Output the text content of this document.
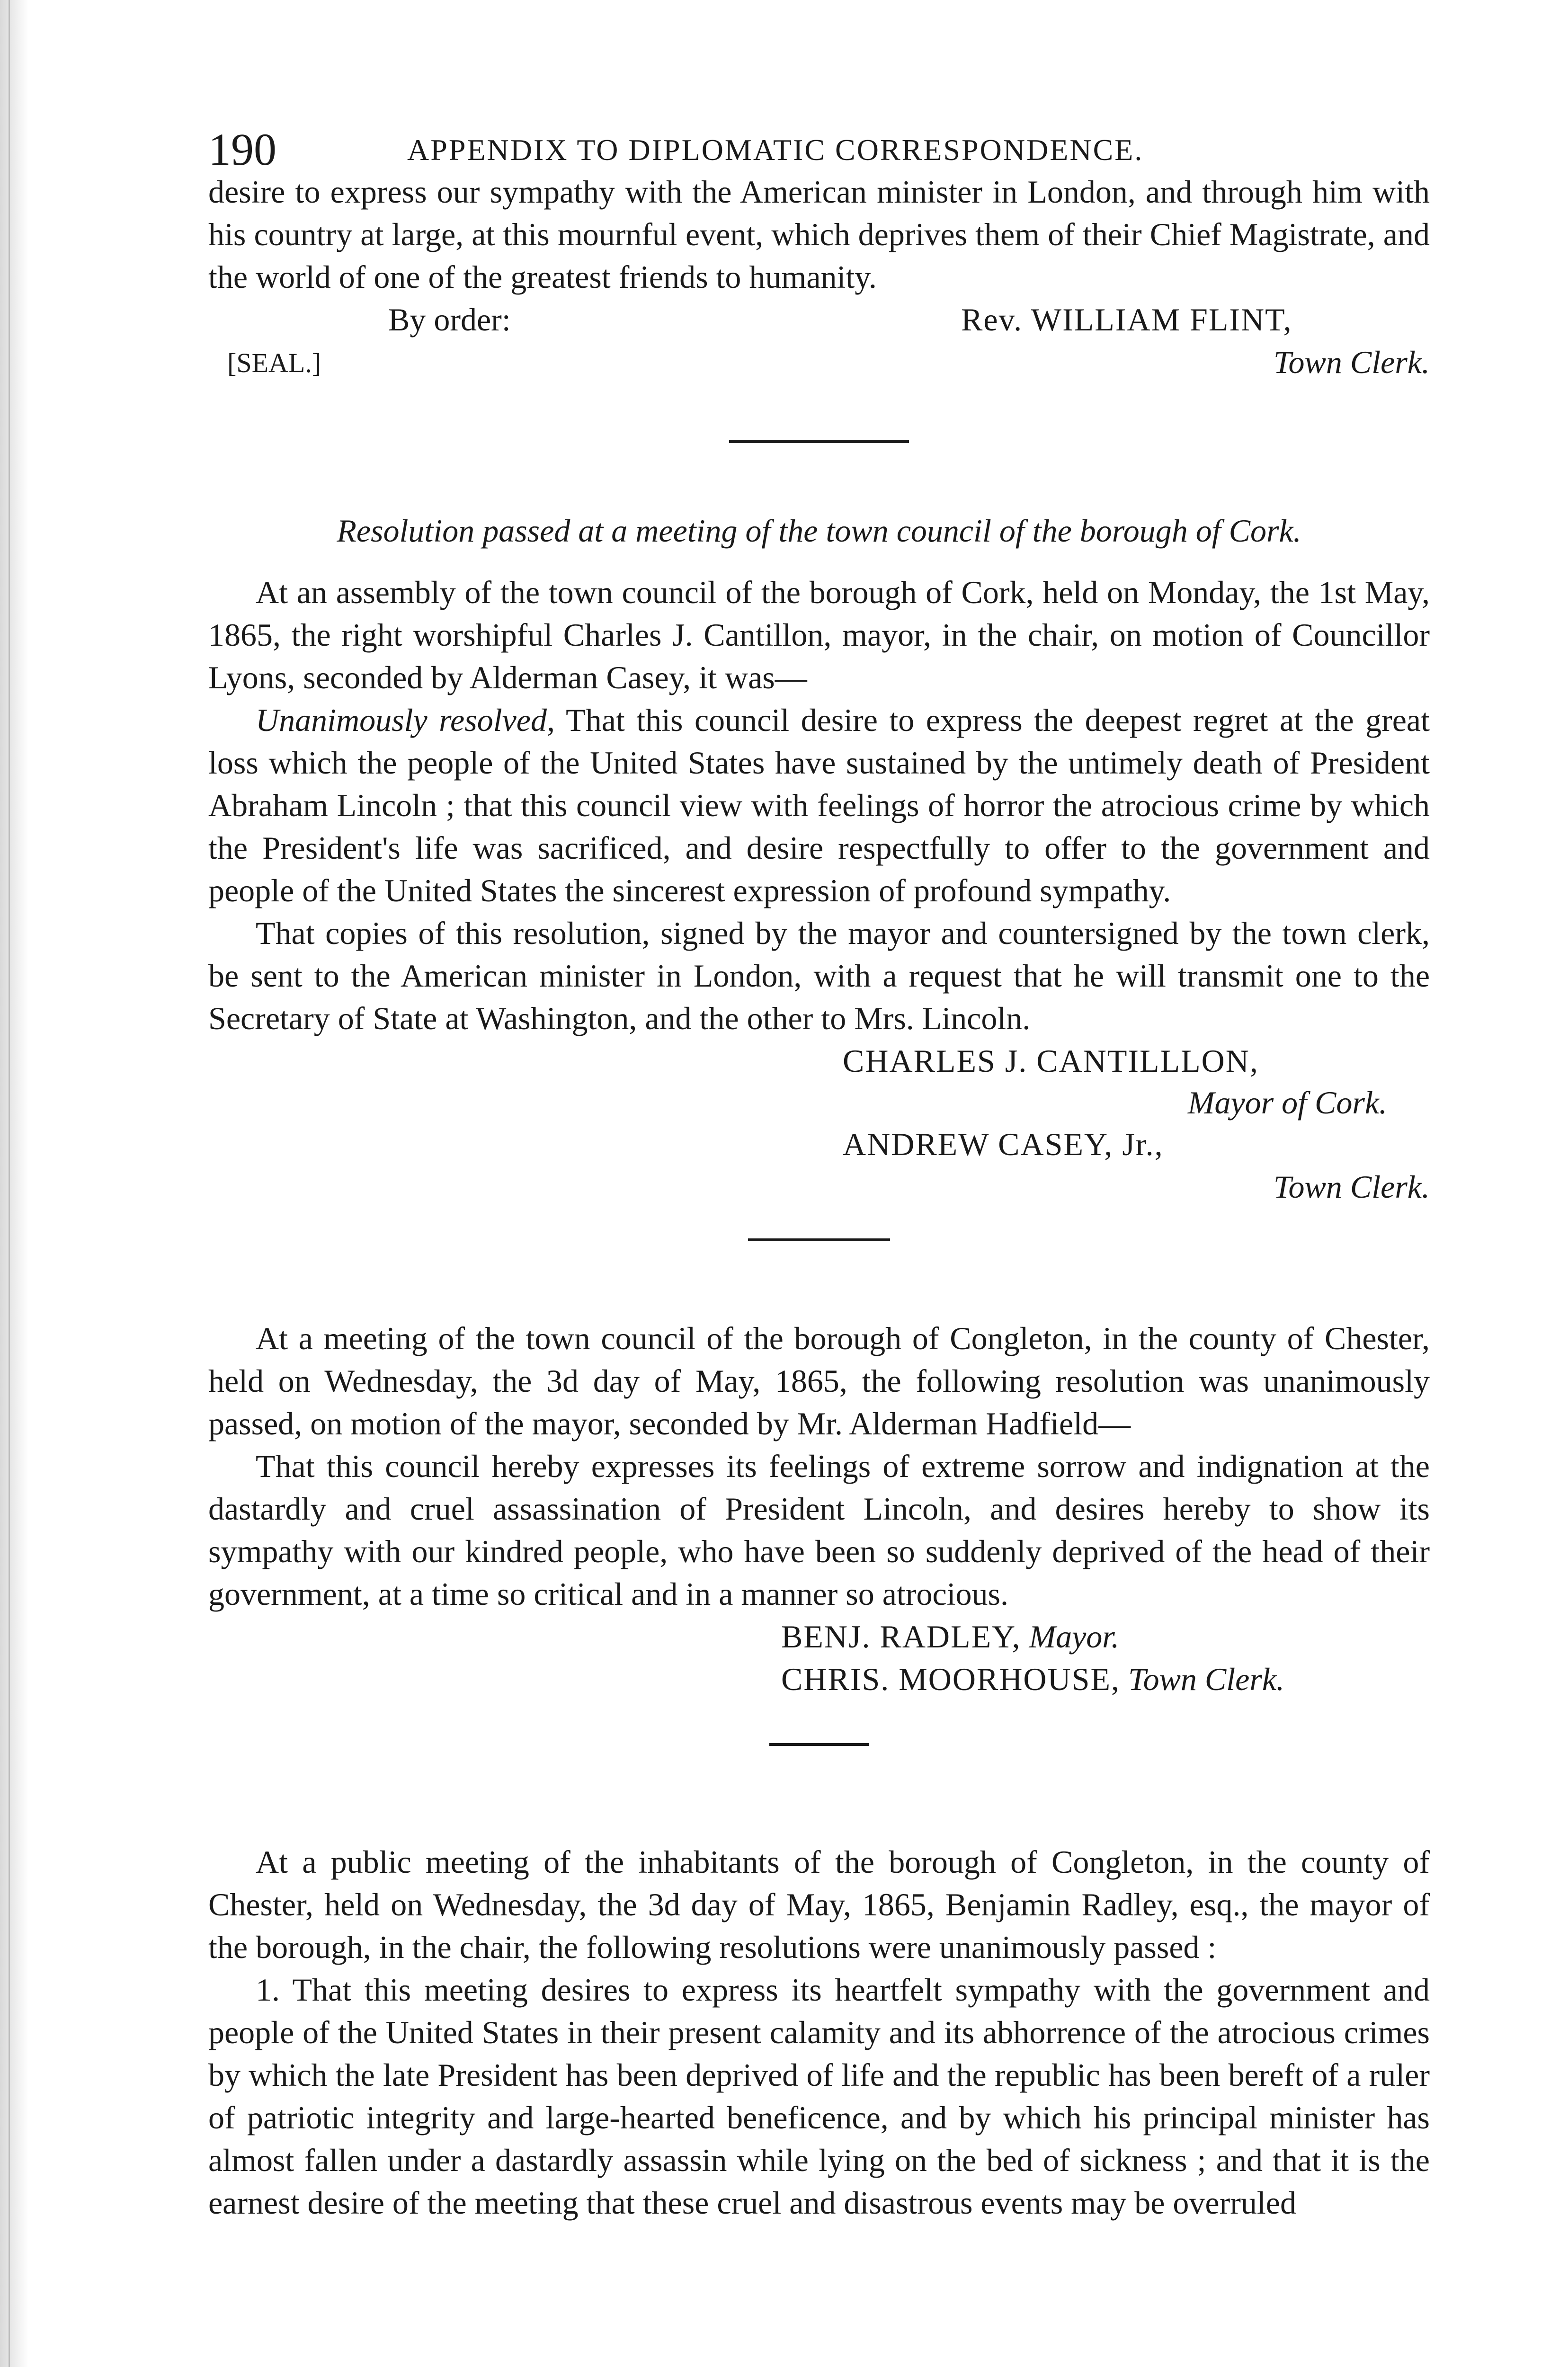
190	APPENDIX TO DIPLOMATIC CORRESPONDENCE.

desire to express our sympathy with the American minister in London, and through him with his country at large, at this mournful event, which deprives them of their Chief Magistrate, and the world of one of the greatest friends to humanity.

By order:	Rev. WILLIAM FLINT,
[SEAL.]	Town Clerk.
Resolution passed at a meeting of the town council of the borough of Cork.

At an assembly of the town council of the borough of Cork, held on Monday, the 1st May, 1865, the right worshipful Charles J. Cantillon, mayor, in the chair, on motion of Councillor Lyons, seconded by Alderman Casey, it was—

Unanimously resolved, That this council desire to express the deepest regret at the great loss which the people of the United States have sustained by the untimely death of President Abraham Lincoln ; that this council view with feelings of horror the atrocious crime by which the President's life was sacrificed, and desire respectfully to offer to the government and people of the United States the sincerest expression of profound sympathy.

That copies of this resolution, signed by the mayor and countersigned by the town clerk, be sent to the American minister in London, with a request that he will transmit one to the Secretary of State at Washington, and the other to Mrs. Lincoln.

CHARLES J. CANTILLLON,
Mayor of Cork.
ANDREW CASEY, Jr.,
Town Clerk.

At a meeting of the town council of the borough of Congleton, in the county of Chester, held on Wednesday, the 3d day of May, 1865, the following resolution was unanimously passed, on motion of the mayor, seconded by Mr. Alderman Hadfield—

That this council hereby expresses its feelings of extreme sorrow and indignation at the dastardly and cruel assassination of President Lincoln, and desires hereby to show its sympathy with our kindred people, who have been so suddenly deprived of the head of their government, at a time so critical and in a manner so atrocious.

BENJ. RADLEY, Mayor.
CHRIS. MOORHOUSE, Town Clerk.

At a public meeting of the inhabitants of the borough of Congleton, in the county of Chester, held on Wednesday, the 3d day of May, 1865, Benjamin Radley, esq., the mayor of the borough, in the chair, the following resolutions were unanimously passed :

1. That this meeting desires to express its heartfelt sympathy with the government and people of the United States in their present calamity and its abhorrence of the atrocious crimes by which the late President has been deprived of life and the republic has been bereft of a ruler of patriotic integrity and large-hearted beneficence, and by which his principal minister has almost fallen under a dastardly assassin while lying on the bed of sickness ; and that it is the earnest desire of the meeting that these cruel and disastrous events may be overruled
